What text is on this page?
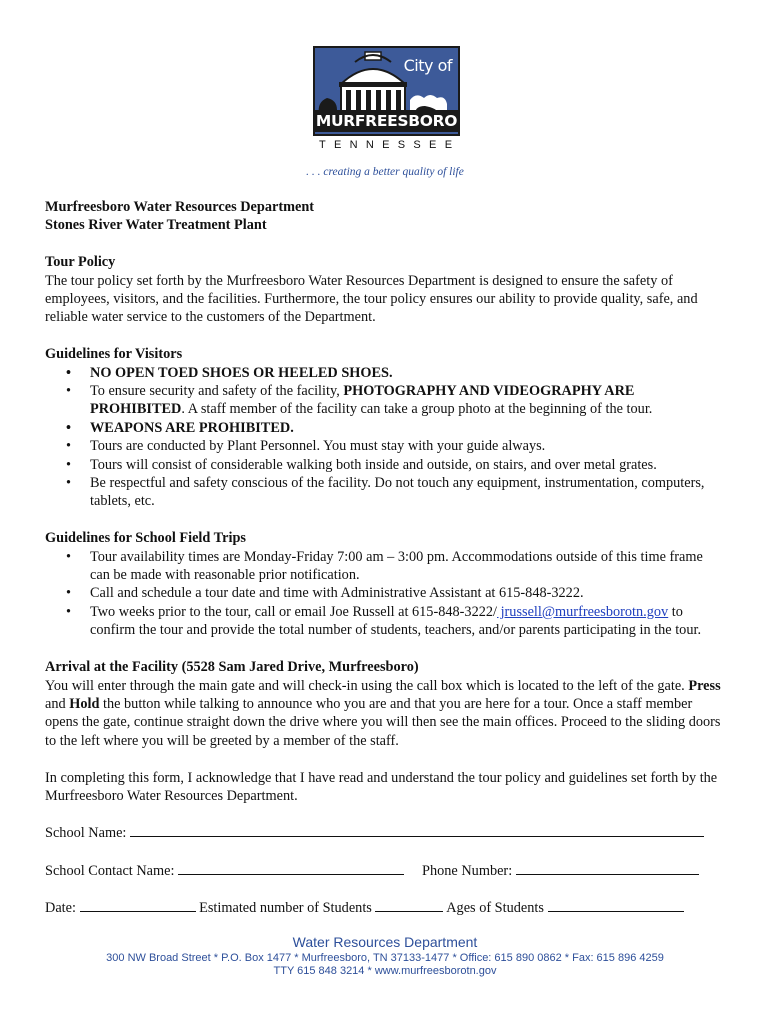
City of
MURFREESBORO
TENNESSEE
. . . creating a better quality of life

Murfreesboro Water Resources Department

Stones River Water Treatment Plant

Tour Policy

The tour policy set forth by the Murfreesboro Water Resources Department is designed to ensure the safety of employees, visitors, and the facilities. Furthermore, the tour policy ensures our ability to provide quality, safe, and reliable water service to the customers of the Department.

Guidelines for Visitors

• NO OPEN TOED SHOES OR HEELED SHOES.
• To ensure security and safety of the facility, PHOTOGRAPHY AND VIDEOGRAPHY ARE PROHIBITED. A staff member of the facility can take a group photo at the beginning of the tour.
• WEAPONS ARE PROHIBITED.
• Tours are conducted by Plant Personnel. You must stay with your guide always.
• Tours will consist of considerable walking both inside and outside, on stairs, and over metal grates.
• Be respectful and safety conscious of the facility. Do not touch any equipment, instrumentation, computers, tablets, etc.

Guidelines for School Field Trips

• Tour availability times are Monday-Friday 7:00 am – 3:00 pm. Accommodations outside of this time frame can be made with reasonable prior notification.
• Call and schedule a tour date and time with Administrative Assistant at 615-848-3222.
• Two weeks prior to the tour, call or email Joe Russell at 615-848-3222/ jrussell@murfreesborotn.gov to confirm the tour and provide the total number of students, teachers, and/or parents participating in the tour.

Arrival at the Facility (5528 Sam Jared Drive, Murfreesboro)

You will enter through the main gate and will check-in using the call box which is located to the left of the gate. Press and Hold the button while talking to announce who you are and that you are here for a tour. Once a staff member opens the gate, continue straight down the drive where you will then see the main offices. Proceed to the sliding doors to the left where you will be greeted by a member of the staff.

In completing this form, I acknowledge that I have read and understand the tour policy and guidelines set forth by the Murfreesboro Water Resources Department.

School Name:

School Contact Name:	Phone Number:

Date:	Estimated number of Students	Ages of Students

Water Resources Department
300 NW Broad Street * P.O. Box 1477 * Murfreesboro, TN 37133-1477 * Office: 615 890 0862 * Fax: 615 896 4259
TTY 615 848 3214 * www.murfreesborotn.gov
